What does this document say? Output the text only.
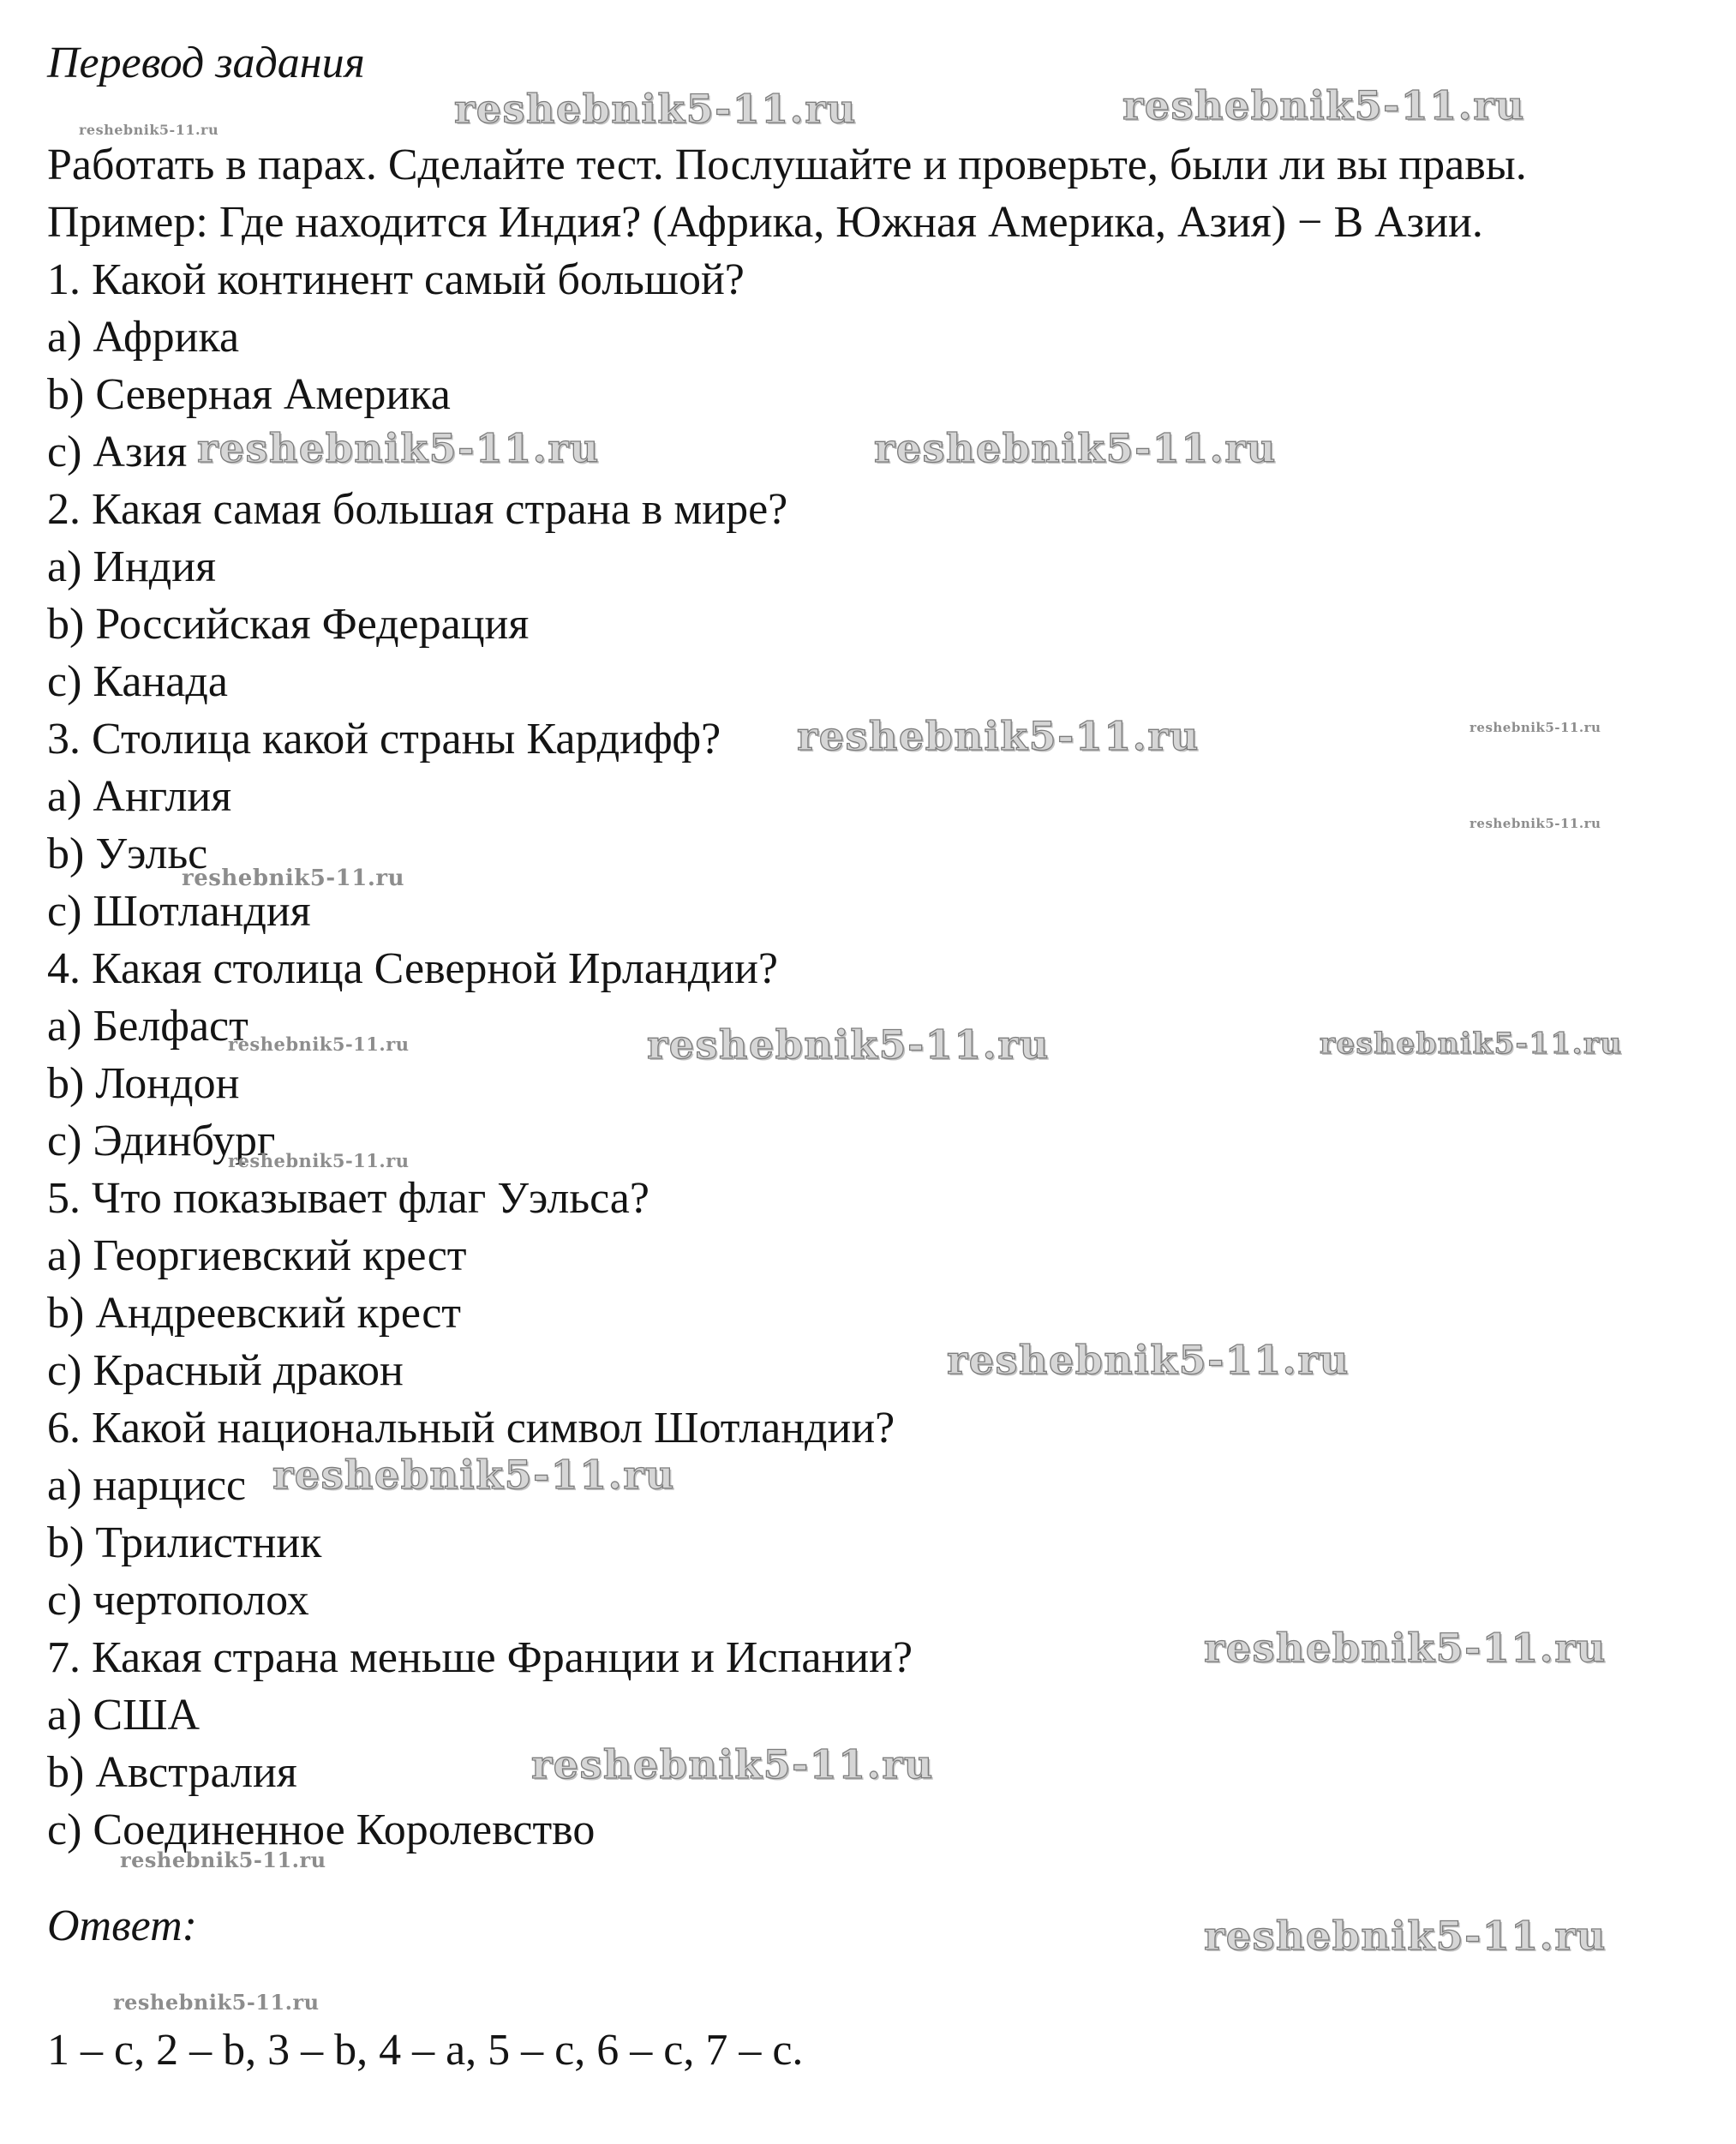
Перевод задания
Работать в парах. Сделайте тест. Послушайте и проверьте, были ли вы правы.
Пример: Где находится Индия? (Африка, Южная Америка, Азия) − В Азии.
1. Какой континент самый большой?
a) Африка
b) Северная Америка
c) Азия
2. Какая самая большая страна в мире?
a) Индия
b) Российская Федерация
c) Канада
3. Столица какой страны Кардифф?
a) Англия
b) Уэльс
c) Шотландия
4. Какая столица Северной Ирландии?
a) Белфаст
b) Лондон
c) Эдинбург
5. Что показывает флаг Уэльса?
a) Георгиевский крест
b) Андреевский крест
c) Красный дракон
6. Какой национальный символ Шотландии?
a) нарцисс
b) Трилистник
c) чертополох
7. Какая страна меньше Франции и Испании?
a) США
b) Австралия
c) Соединенное Королевство
Ответ:
1 – c, 2 – b, 3 – b, 4 – a, 5 – c, 6 – c, 7 – c.
reshebnik5-11.ru	reshebnik5-11.ru
reshebnik5-11.ru
reshebnik5-11.ru	reshebnik5-11.ru
reshebnik5-11.ru	reshebnik5-11.ru
reshebnik5-11.ru
reshebnik5-11.ru
reshebnik5-11.ru	reshebnik5-11.ru	reshebnik5-11.ru
reshebnik5-11.ru
reshebnik5-11.ru
reshebnik5-11.ru
reshebnik5-11.ru
reshebnik5-11.ru
reshebnik5-11.ru
reshebnik5-11.ru
reshebnik5-11.ru
